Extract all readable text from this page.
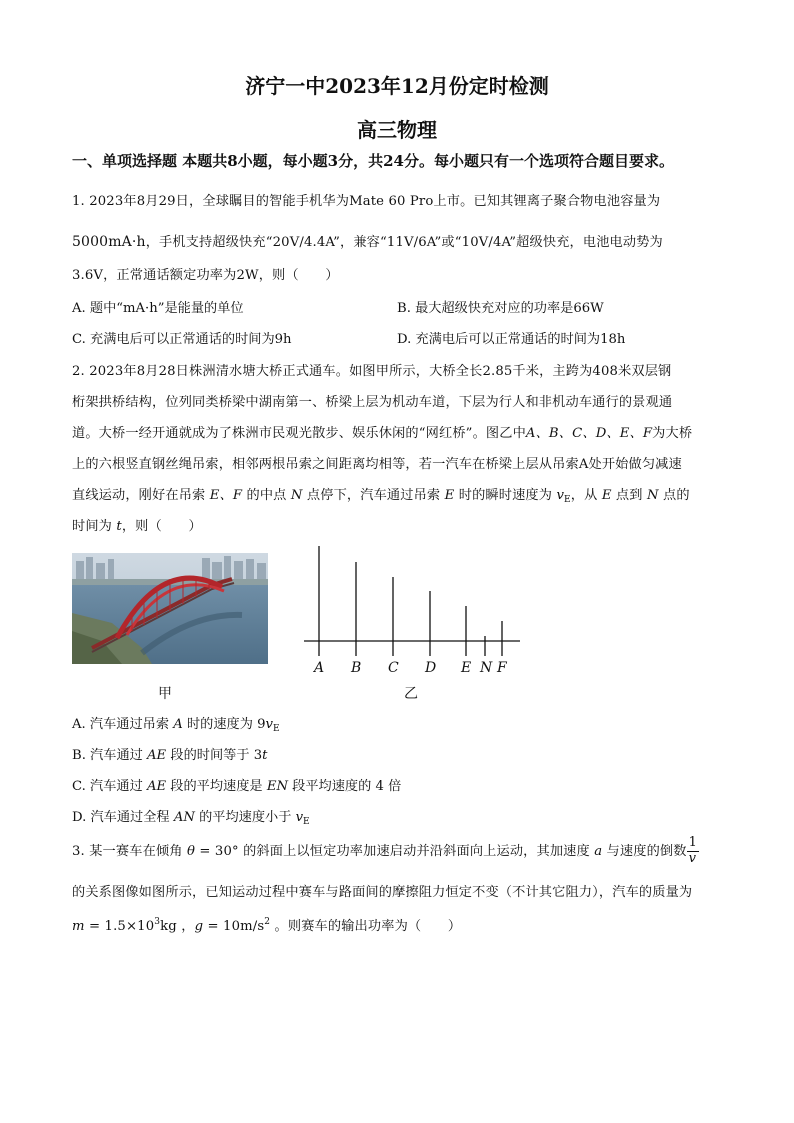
济宁一中2023年12月份定时检测
高三物理
一、单项选择题 本题共8小题，每小题3分，共24分。每小题只有一个选项符合题目要求。
1. 2023年8月29日，全球瞩目的智能手机华为Mate 60 Pro上市。已知其锂离子聚合物电池容量为
5000mA·h，手机支持超级快充“20V/4.4A”，兼容“11V/6A”或“10V/4A”超级快充，电池电动势为
3.6V，正常通话额定功率为2W，则（　　）
A. 题中“mA·h”是能量的单位	B. 最大超级快充对应的功率是66W
C. 充满电后可以正常通话的时间为9h	D. 充满电后可以正常通话的时间为18h
2. 2023年8月28日株洲清水塘大桥正式通车。如图甲所示，大桥全长2.85千米，主跨为408米双层钢
桁架拱桥结构，位列同类桥梁中湖南第一、桥梁上层为机动车道，下层为行人和非机动车通行的景观通
道。大桥一经开通就成为了株洲市民观光散步、娱乐休闲的“网红桥”。图乙中A、B、C、D、E、F为大桥
上的六根竖直钢丝绳吊索，相邻两根吊索之间距离均相等，若一汽车在桥梁上层从吊索A处开始做匀减速
直线运动，刚好在吊索 E、F 的中点 N 点停下，汽车通过吊索 E 时的瞬时速度为 $v_E$，从 E 点到 N 点的
时间为 t，则（　　）
甲
A B C D E N F
乙
A. 汽车通过吊索 A 时的速度为 $9v_E$
B. 汽车通过 AE 段的时间等于 3t
C. 汽车通过 AE 段的平均速度是 EN 段平均速度的 4 倍
D. 汽车通过全程 AN 的平均速度小于 $v_E$
3. 某一赛车在倾角 θ = 30° 的斜面上以恒定功率加速启动并沿斜面向上运动，其加速度 a 与速度的倒数 $\frac{1}{v}$
的关系图像如图所示，已知运动过程中赛车与路面间的摩擦阻力恒定不变（不计其它阻力），汽车的质量为
$m = 1.5\times 10^3kg$ ，$g = 10m/s^2$ 。则赛车的输出功率为（　　）
